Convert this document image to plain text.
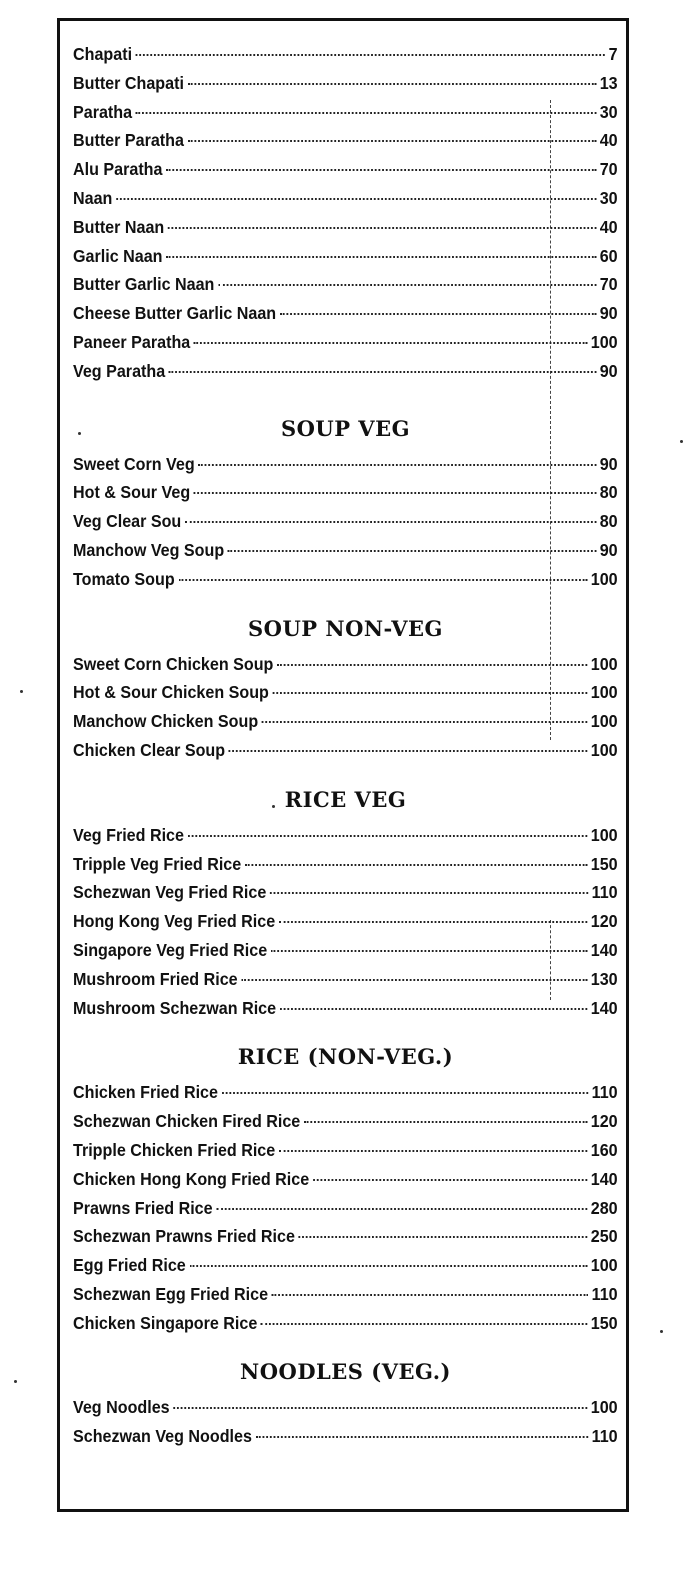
Chapati	7
Butter Chapati	13
Paratha	30
Butter Paratha	40
Alu Paratha	70
Naan	30
Butter Naan	40
Garlic Naan	60
Butter Garlic Naan	70
Cheese Butter Garlic Naan	90
Paneer Paratha	100
Veg Paratha	90
SOUP VEG
Sweet Corn Veg	90
Hot & Sour Veg	80
Veg Clear Sou	80
Manchow Veg Soup	90
Tomato Soup	100
SOUP NON-VEG
Sweet Corn Chicken Soup	100
Hot & Sour Chicken Soup	100
Manchow Chicken Soup	100
Chicken Clear Soup	100
RICE VEG
Veg Fried Rice	100
Tripple Veg Fried Rice	150
Schezwan Veg Fried Rice	110
Hong Kong Veg Fried Rice	120
Singapore Veg Fried Rice	140
Mushroom Fried Rice	130
Mushroom Schezwan Rice	140
RICE (NON-VEG.)
Chicken Fried Rice	110
Schezwan Chicken Fired Rice	120
Tripple Chicken Fried Rice	160
Chicken Hong Kong Fried Rice	140
Prawns Fried Rice	280
Schezwan Prawns Fried Rice	250
Egg Fried Rice	100
Schezwan Egg Fried Rice	110
Chicken Singapore Rice	150
NOODLES (VEG.)
Veg Noodles	100
Schezwan Veg Noodles	110
